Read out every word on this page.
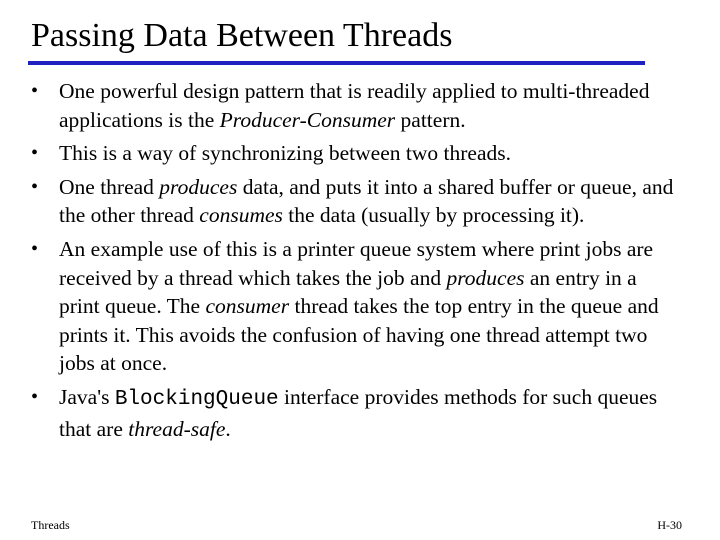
Passing Data Between Threads
• One powerful design pattern that is readily applied to multi-threaded applications is the Producer-Consumer pattern.
• This is a way of synchronizing between two threads.
• One thread produces data, and puts it into a shared buffer or queue, and the other thread consumes the data (usually by processing it).
• An example use of this is a printer queue system where print jobs are received by a thread which takes the job and produces an entry in a print queue. The consumer thread takes the top entry in the queue and prints it. This avoids the confusion of having one thread attempt two jobs at once.
• Java's BlockingQueue interface provides methods for such queues that are thread-safe.
Threads	H-30
